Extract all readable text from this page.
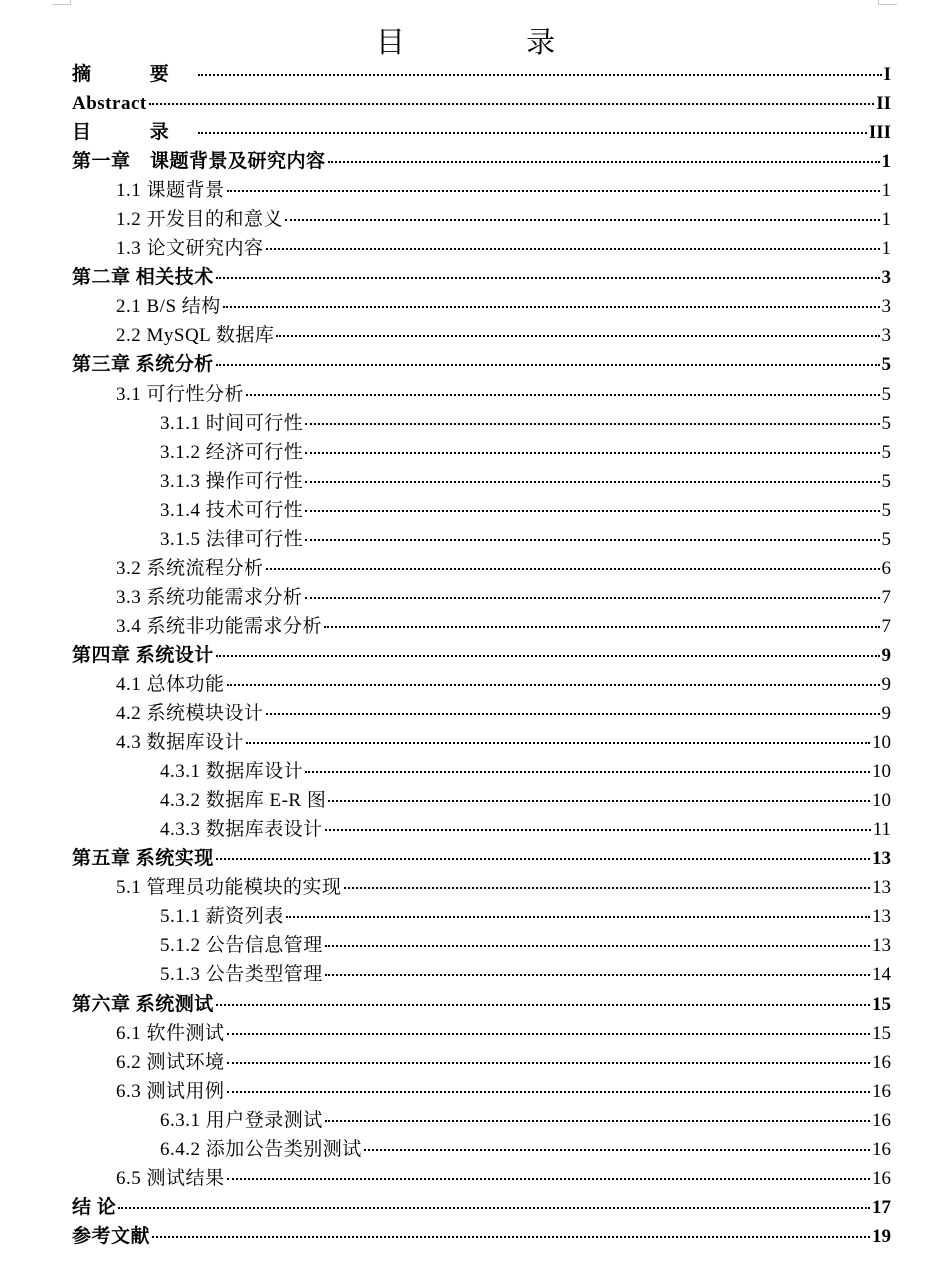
目 录
摘 要	I
Abstract	II
目 录	III
第一章　课题背景及研究内容	1
1.1 课题背景	1
1.2 开发目的和意义	1
1.3 论文研究内容	1
第二章 相关技术	3
2.1 B/S 结构	3
2.2 MySQL 数据库	3
第三章 系统分析	5
3.1 可行性分析	5
3.1.1 时间可行性	5
3.1.2 经济可行性	5
3.1.3 操作可行性	5
3.1.4 技术可行性	5
3.1.5 法律可行性	5
3.2 系统流程分析	6
3.3 系统功能需求分析	7
3.4 系统非功能需求分析	7
第四章 系统设计	9
4.1 总体功能	9
4.2 系统模块设计	9
4.3 数据库设计	10
4.3.1 数据库设计	10
4.3.2 数据库 E-R 图	10
4.3.3 数据库表设计	11
第五章 系统实现	13
5.1 管理员功能模块的实现	13
5.1.1 薪资列表	13
5.1.2 公告信息管理	13
5.1.3 公告类型管理	14
第六章 系统测试	15
6.1 软件测试	15
6.2 测试环境	16
6.3 测试用例	16
6.3.1 用户登录测试	16
6.4.2 添加公告类别测试	16
6.5 测试结果	16
结 论	17
参考文献	19
